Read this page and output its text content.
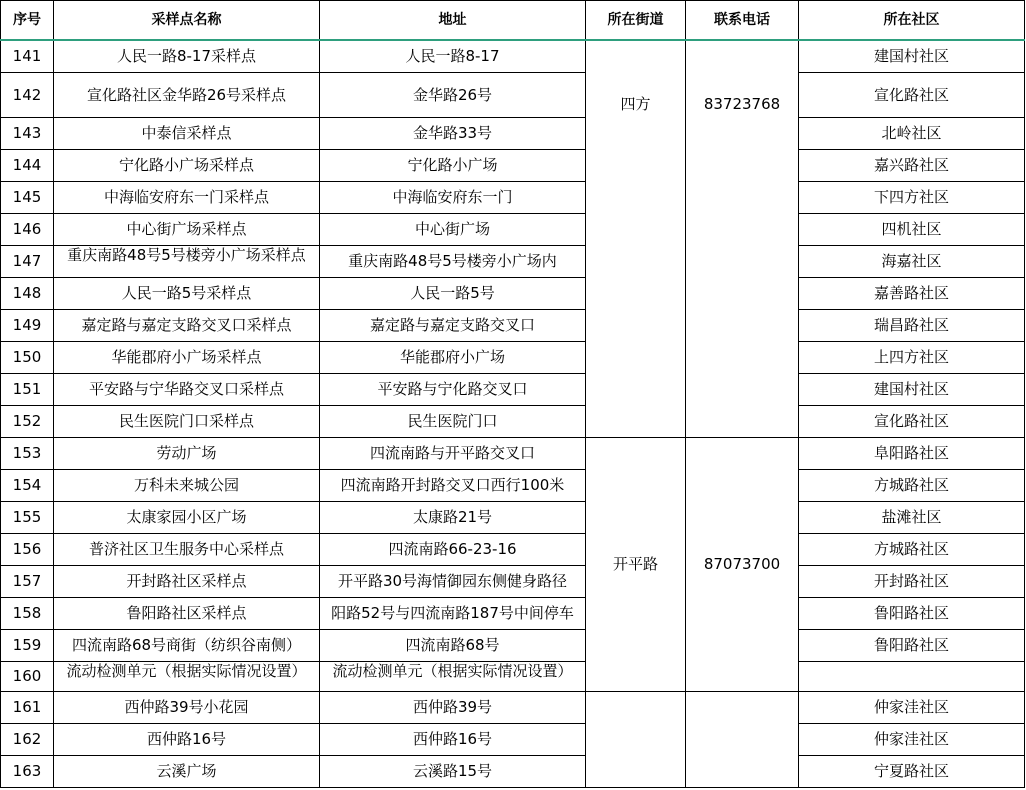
序号	采样点名称	地址	所在街道	联系电话	所在社区
141	人民一路8-17采样点	人民一路8-17	四方	83723768	建国村社区
142	宣化路社区金华路26号采样点	金华路26号			宣化路社区
143	中泰信采样点	金华路33号			北岭社区
144	宁化路小广场采样点	宁化路小广场			嘉兴路社区
145	中海临安府东一门采样点	中海临安府东一门			下四方社区
146	中心街广场采样点	中心街广场			四机社区
147	重庆南路48号5号楼旁小广场采样点	重庆南路48号5号楼旁小广场内			海嘉社区
148	人民一路5号采样点	人民一路5号			嘉善路社区
149	嘉定路与嘉定支路交叉口采样点	嘉定路与嘉定支路交叉口			瑞昌路社区
150	华能郡府小广场采样点	华能郡府小广场			上四方社区
151	平安路与宁华路交叉口采样点	平安路与宁化路交叉口			建国村社区
152	民生医院门口采样点	民生医院门口			宣化路社区
153	劳动广场	四流南路与开平路交叉口	开平路	87073700	阜阳路社区
154	万科未来城公园	四流南路开封路交叉口西行100米			方城路社区
155	太康家园小区广场	太康路21号			盐滩社区
156	普济社区卫生服务中心采样点	四流南路66-23-16			方城路社区
157	开封路社区采样点	开平路30号海情御园东侧健身路径			开封路社区
158	鲁阳路社区采样点	阳路52号与四流南路187号中间停车			鲁阳路社区
159	四流南路68号商街（纺织谷南侧）	四流南路68号			鲁阳路社区
160	流动检测单元（根据实际情况设置）	流动检测单元（根据实际情况设置）			

161	西仲路39号小花园	西仲路39号			仲家洼社区
162	西仲路16号	西仲路16号			仲家洼社区
163	云溪广场	云溪路15号			宁夏路社区
